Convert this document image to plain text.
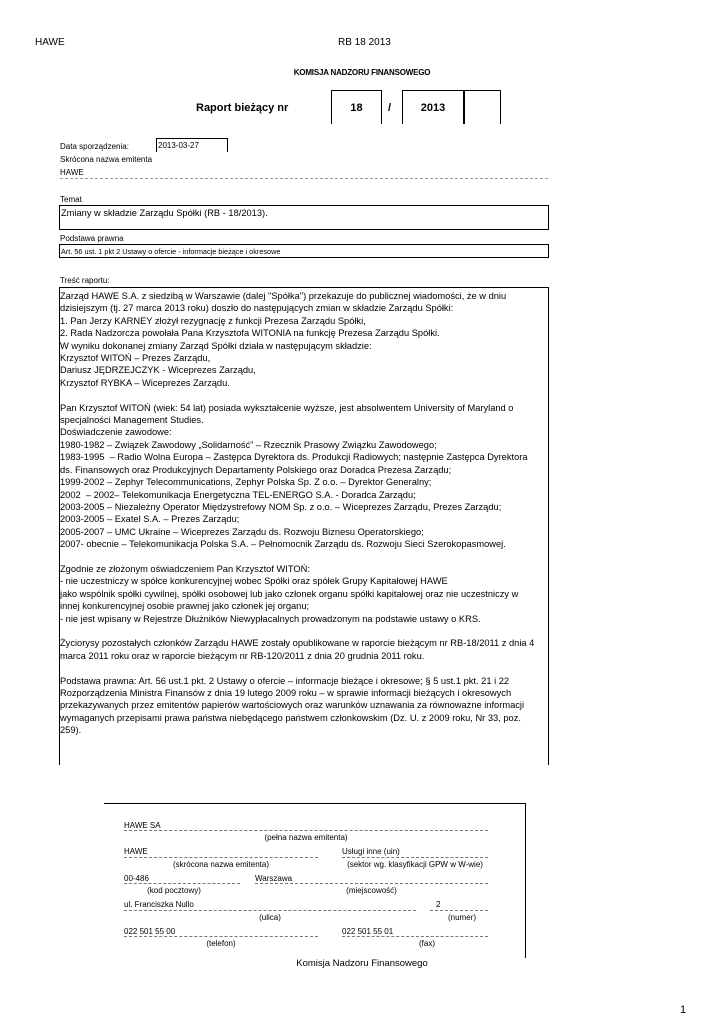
HAWE	RB 18 2013
KOMISJA NADZORU FINANSOWEGO
Raport bieżący nr	18	/	2013
Data sporządzenia:	2013-03-27
Skrócona nazwa emitenta
HAWE
Temat
Zmiany w składzie Zarządu Spółki (RB - 18/2013).
Podstawa prawna
Art. 56 ust. 1 pkt 2 Ustawy o ofercie - informacje bieżące i okresowe
Treść raportu:
Zarząd HAWE S.A. z siedzibą w Warszawie (dalej "Spółka") przekazuje do publicznej wiadomości, że w dniu
dzisiejszym (tj. 27 marca 2013 roku) doszło do następujących zmian w składzie Zarządu Spółki:
1. Pan Jerzy KARNEY złożył rezygnację z funkcji Prezesa Zarządu Spółki,
2. Rada Nadzorcza powołała Pana Krzysztofa WITONIA na funkcję Prezesa Zarządu Spółki.
W wyniku dokonanej zmiany Zarząd Spółki działa w następującym składzie:
Krzysztof WITOŃ – Prezes Zarządu,
Dariusz JĘDRZEJCZYK - Wiceprezes Zarządu,
Krzysztof RYBKA – Wiceprezes Zarządu.

Pan Krzysztof WITOŃ (wiek: 54 lat) posiada wykształcenie wyższe, jest absolwentem University of Maryland o
specjalności Management Studies.
Doświadczenie zawodowe:
1980-1982 – Związek Zawodowy „Solidarność” – Rzecznik Prasowy Związku Zawodowego;
1983-1995  – Radio Wolna Europa – Zastępca Dyrektora ds. Produkcji Radiowych; następnie Zastępca Dyrektora
ds. Finansowych oraz Produkcyjnych Departamenty Polskiego oraz Doradca Prezesa Zarządu;
1999-2002 – Zephyr Telecommunications, Zephyr Polska Sp. Z o.o. – Dyrektor Generalny;
2002  – 2002– Telekomunikacja Energetyczna TEL-ENERGO S.A. - Doradca Zarządu;
2003-2005 – Niezależny Operator Międzystrefowy NOM Sp. z o.o. – Wiceprezes Zarządu, Prezes Zarządu;
2003-2005 – Exatel S.A. – Prezes Zarządu;
2005-2007 – UMC Ukraine – Wiceprezes Zarządu ds. Rozwoju Biznesu Operatorskiego;
2007- obecnie – Telekomunikacja Polska S.A. – Pełnomocnik Zarządu ds. Rozwoju Sieci Szerokopasmowej.

Zgodnie ze złożonym oświadczeniem Pan Krzysztof WITOŃ:
- nie uczestniczy w spółce konkurencyjnej wobec Spółki oraz spółek Grupy Kapitałowej HAWE
jako wspólnik spółki cywilnej, spółki osobowej lub jako członek organu spółki kapitałowej oraz nie uczestniczy w
innej konkurencyjnej osobie prawnej jako członek jej organu;
- nie jest wpisany w Rejestrze Dłużników Niewypłacalnych prowadzonym na podstawie ustawy o KRS.

Życiorysy pozostałych członków Zarządu HAWE zostały opublikowane w raporcie bieżącym nr RB-18/2011 z dnia 4
marca 2011 roku oraz w raporcie bieżącym nr RB-120/2011 z dnia 20 grudnia 2011 roku.

Podstawa prawna: Art. 56 ust.1 pkt. 2 Ustawy o ofercie – informacje bieżące i okresowe; § 5 ust.1 pkt. 21 i 22
Rozporządzenia Ministra Finansów z dnia 19 lutego 2009 roku – w sprawie informacji bieżących i okresowych
przekazywanych przez emitentów papierów wartościowych oraz warunków uznawania za równoważne informacji
wymaganych przepisami prawa państwa niebędącego państwem członkowskim (Dz. U. z 2009 roku, Nr 33, poz.
259).
HAWE SA
(pełna nazwa emitenta)
HAWE
(skrócona nazwa emitenta)
Usługi inne (uin)
(sektor wg. klasyfikacji GPW w W-wie)
00-486
(kod pocztowy)
Warszawa
(miejscowość)
ul. Franciszka Nullo
(ulica)
2
(numer)
022 501 55 00
(telefon)
022 501 55 01
(fax)
Komisja Nadzoru Finansowego
1
